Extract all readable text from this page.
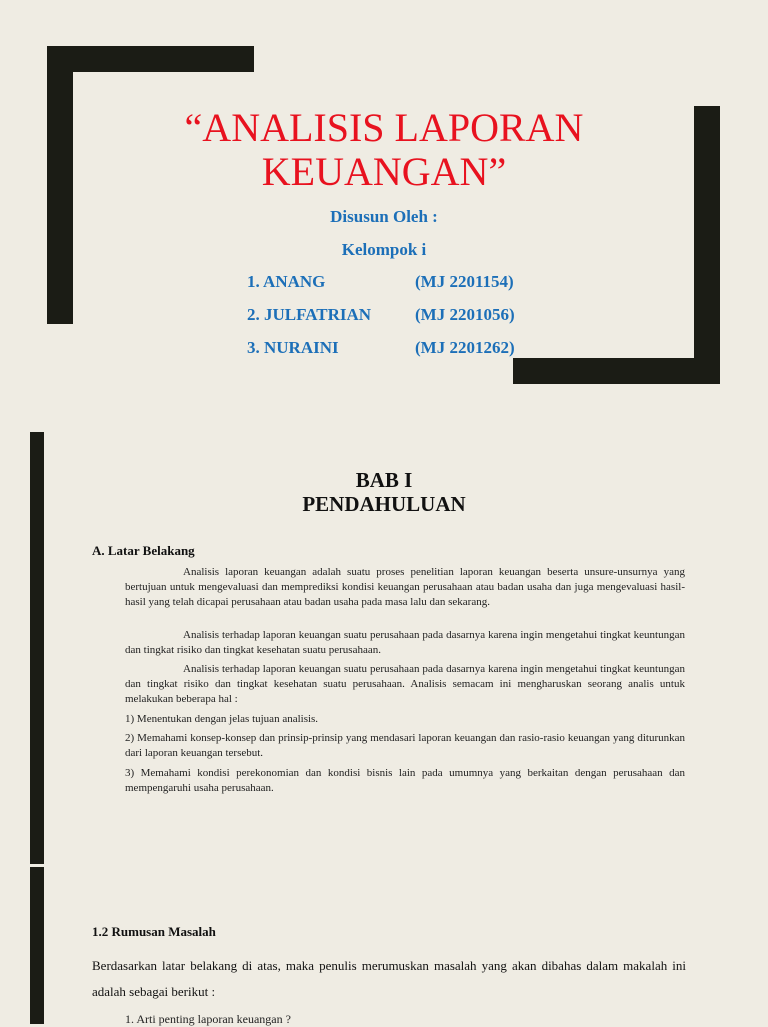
“ANALISIS LAPORAN
KEUANGAN”
Disusun Oleh :
Kelompok i
1. ANANG	(MJ 2201154)
2. JULFATRIAN	(MJ 2201056)
3. NURAINI	(MJ 2201262)
BAB I
PENDAHULUAN
A. Latar Belakang
Analisis laporan keuangan adalah suatu proses penelitian laporan keuangan beserta unsure-unsurnya yang bertujuan untuk mengevaluasi dan memprediksi kondisi keuangan perusahaan atau badan usaha dan juga mengevaluasi hasil- hasil yang telah dicapai perusahaan atau badan usaha pada masa lalu dan sekarang.
Analisis terhadap laporan keuangan suatu perusahaan pada dasarnya karena ingin mengetahui tingkat keuntungan dan tingkat risiko dan tingkat kesehatan suatu perusahaan.
Analisis terhadap laporan keuangan suatu perusahaan pada dasarnya karena ingin mengetahui tingkat keuntungan dan tingkat risiko dan tingkat kesehatan suatu perusahaan. Analisis semacam ini mengharuskan seorang analis untuk melakukan beberapa hal :
1) Menentukan dengan jelas tujuan analisis.
2) Memahami konsep-konsep dan prinsip-prinsip yang mendasari laporan keuangan dan rasio-rasio keuangan yang diturunkan dari laporan keuangan tersebut.
3) Memahami kondisi perekonomian dan kondisi bisnis lain pada umumnya yang berkaitan dengan perusahaan dan mempengaruhi usaha perusahaan.
1.2 Rumusan Masalah
Berdasarkan latar belakang di atas, maka penulis merumuskan masalah yang akan dibahas dalam makalah ini adalah sebagai berikut :
1. Arti penting laporan keuangan ?
